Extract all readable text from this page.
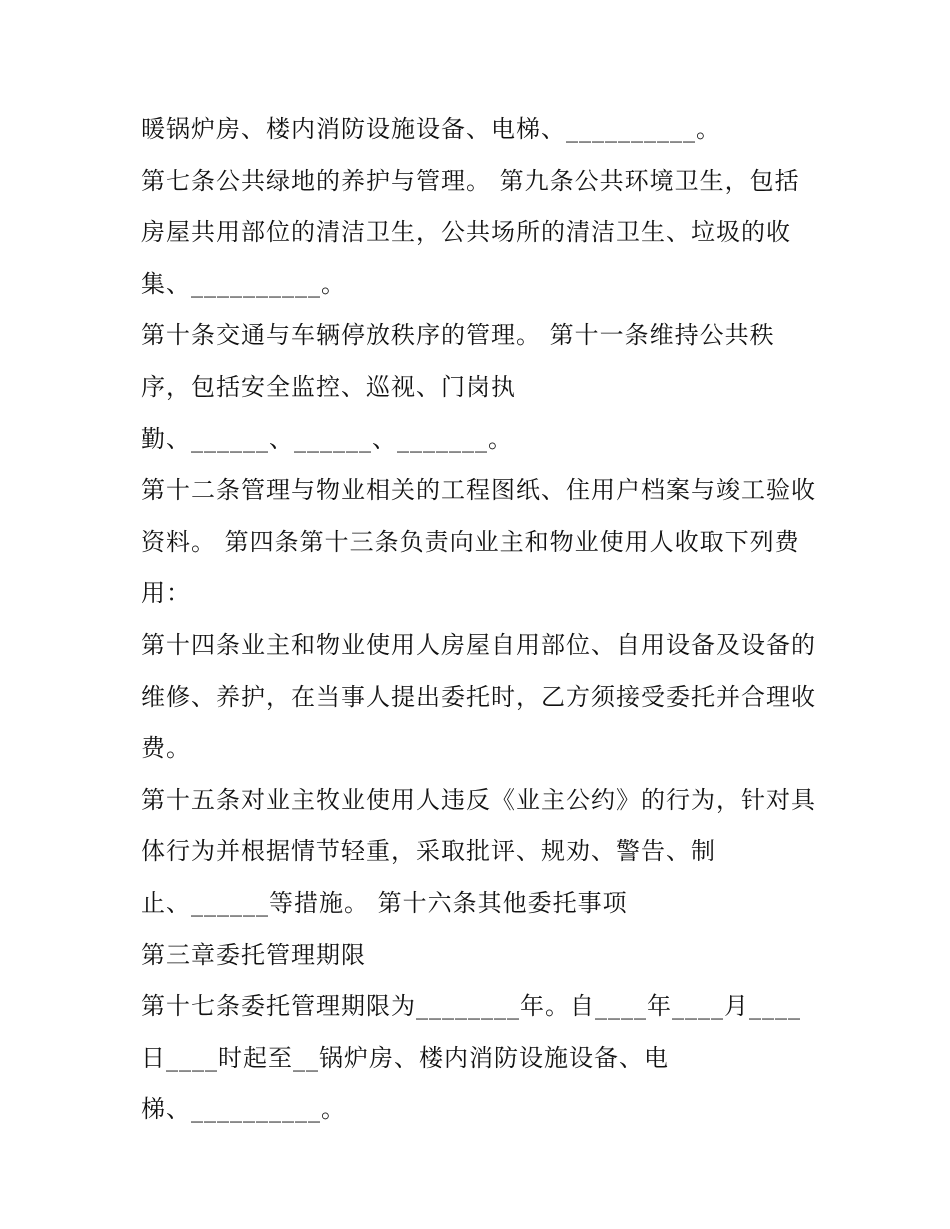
暖锅炉房、楼内消防设施设备、电梯、__________。
第七条公共绿地的养护与管理。 第九条公共环境卫生，包括
房屋共用部位的清洁卫生，公共场所的清洁卫生、垃圾的收
集、__________。
第十条交通与车辆停放秩序的管理。 第十一条维持公共秩
序，包括安全监控、巡视、门岗执
勤、______、______、_______。
第十二条管理与物业相关的工程图纸、住用户档案与竣工验收
资料。 第四条第十三条负责向业主和物业使用人收取下列费
用：
第十四条业主和物业使用人房屋自用部位、自用设备及设备的
维修、养护，在当事人提出委托时，乙方须接受委托并合理收
费。
第十五条对业主牧业使用人违反《业主公约》的行为，针对具
体行为并根据情节轻重，采取批评、规劝、警告、制
止、______等措施。 第十六条其他委托事项
第三章委托管理期限
第十七条委托管理期限为________年。自____年____月____
日____时起至__锅炉房、楼内消防设施设备、电
梯、__________。
